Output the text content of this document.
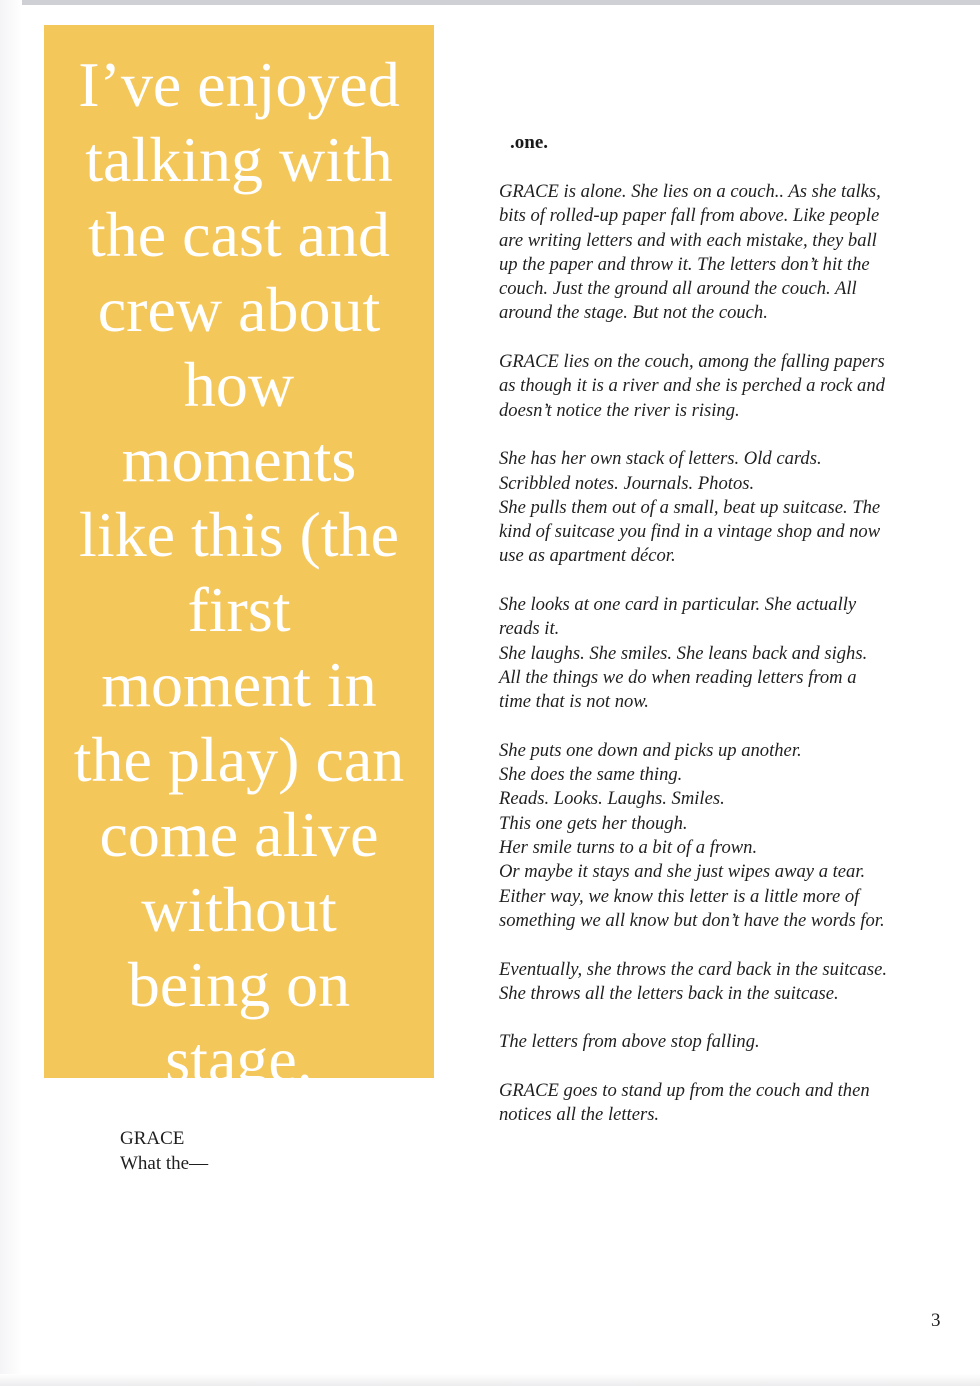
I’ve enjoyed
talking with
the cast and
crew about
how
moments
like this (the
first
moment in
the play) can
come alive
without
being on
stage.

.one.

GRACE is alone. She lies on a couch.. As she talks,
bits of rolled-up paper fall from above. Like people
are writing letters and with each mistake, they ball
up the paper and throw it. The letters don’t hit the
couch. Just the ground all around the couch. All
around the stage. But not the couch.

GRACE lies on the couch, among the falling papers
as though it is a river and she is perched a rock and
doesn’t notice the river is rising.

She has her own stack of letters. Old cards.
Scribbled notes. Journals. Photos.
She pulls them out of a small, beat up suitcase. The
kind of suitcase you find in a vintage shop and now
use as apartment décor.

She looks at one card in particular. She actually
reads it.
She laughs. She smiles. She leans back and sighs.
All the things we do when reading letters from a
time that is not now.

She puts one down and picks up another.
She does the same thing.
Reads. Looks. Laughs. Smiles.
This one gets her though.
Her smile turns to a bit of a frown.
Or maybe it stays and she just wipes away a tear.
Either way, we know this letter is a little more of
something we all know but don’t have the words for.

Eventually, she throws the card back in the suitcase.
She throws all the letters back in the suitcase.

The letters from above stop falling.

GRACE goes to stand up from the couch and then
notices all the letters.

GRACE
What the—
3
